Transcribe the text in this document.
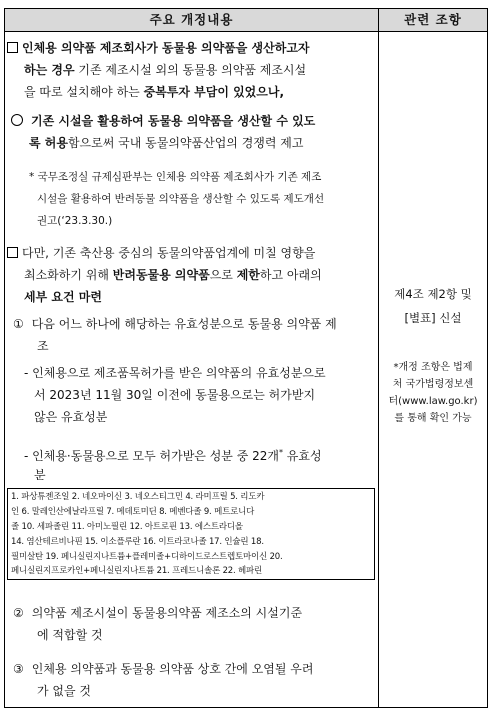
주요 개정내용	관련 조항
인체용 의약품 제조회사가 동물용 의약품을 생산하고자
하는 경우 기존 제조시설 외의 동물용 의약품 제조시설
을 따로 설치해야 하는 중복투자 부담이 있었으나,
기존 시설을 활용하여 동물용 의약품을 생산할 수 있도
록 허용함으로써 국내 동물의약품산업의 경쟁력 제고
* 국무조정실 규제심판부는 인체용 의약품 제조회사가 기존 제조
시설을 활용하여 반려동물 의약품을 생산할 수 있도록 제도개선
권고(‘23.3.30.)
다만, 기존 축산용 중심의 동물의약품업계에 미칠 영향을
최소화하기 위해 반려동물용 의약품으로 제한하고 아래의
세부 요건 마련
① 다음 어느 하나에 해당하는 유효성분으로 동물용 의약품 제
조
- 인체용으로 제조품목허가를 받은 의약품의 유효성분으로
서 2023년 11월 30일 이전에 동물용으로는 허가받지
않은 유효성분
- 인체용·동물용으로 모두 허가받은 성분 중 22개* 유효성
분
1. 파상튜젠조일 2. 네오마이신 3. 네오스티그민 4. 라미프릴 5. 리도카
인 6. 말레인산에날라프릴 7. 메데토미딘 8. 메벤다졸 9. 메트로니다
졸 10. 세파졸린 11. 아미노필린 12. 아트로핀 13. 에스트라디올
14. 염산테르비나핀 15. 이소플루란 16. 이트라코나졸 17. 인슐린 18.
필미살탄 19. 페니실린지나트륨+플레미졸+디하이드로스트렙토마이신 20.
페니실린지프로카인+페니실린지나트륨 21. 프레드니솔론 22. 헤파린
② 의약품 제조시설이 동물용의약품 제조소의 시설기준
에 적합할 것
③ 인체용 의약품과 동물용 의약품 상호 간에 오염될 우려
가 없을 것
제4조 제2항 및
[별표] 신설
*개정 조항은 법제
처 국가법령정보센
터(www.law.go.kr)
를 통해 확인 가능
